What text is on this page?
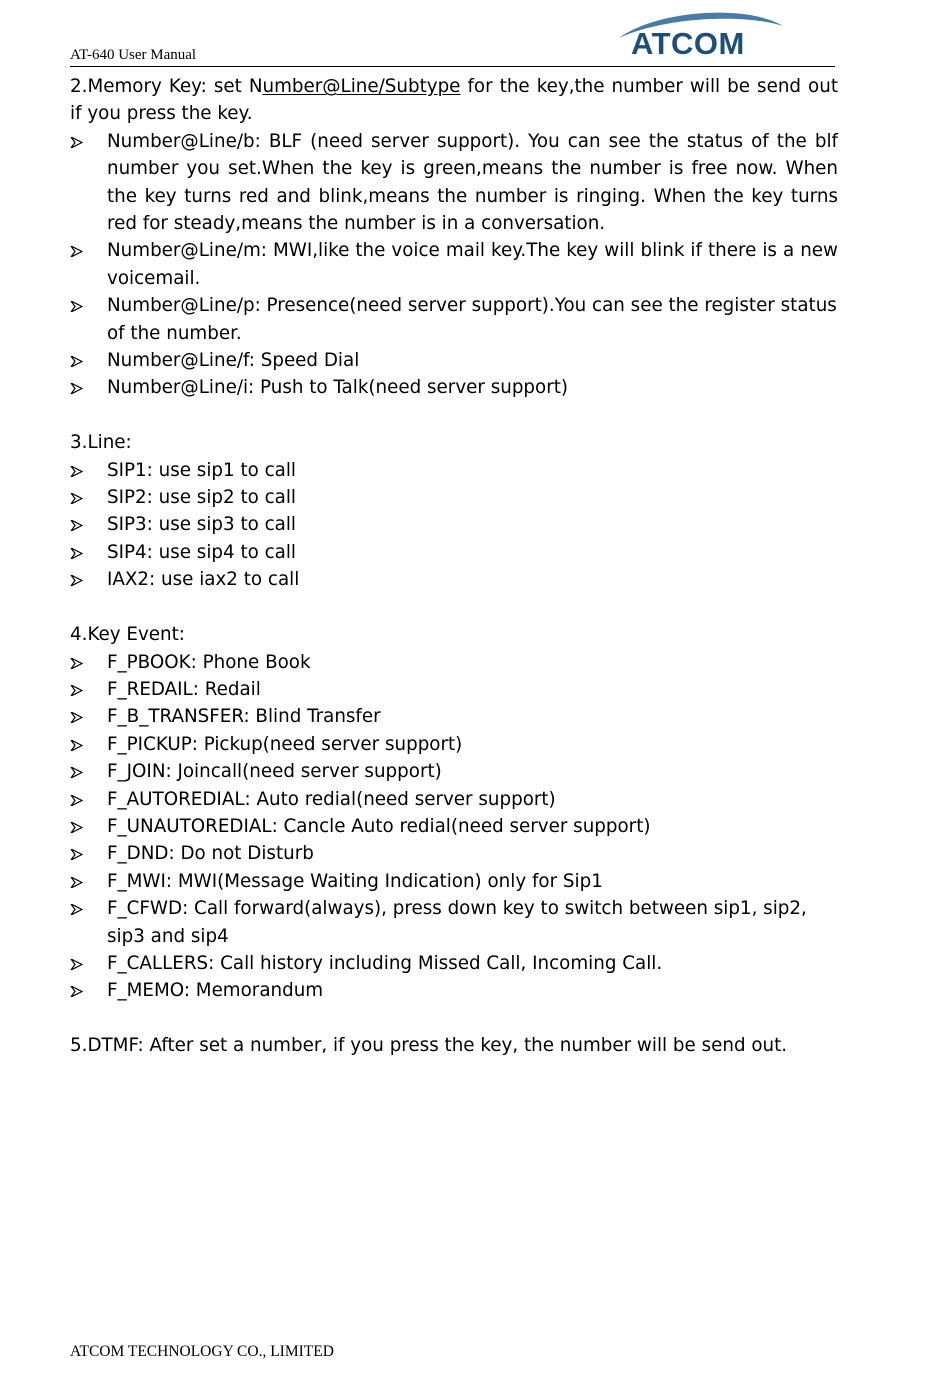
AT-640 User Manual	ATCOM

2.Memory Key: set Number@Line/Subtype for the key,the number will be send out if you press the key.

Number@Line/b: BLF (need server support). You can see the status of the blf number you set.When the key is green,means the number is free now. When the key turns red and blink,means the number is ringing. When the key turns red for steady,means the number is in a conversation.
Number@Line/m: MWI,like the voice mail key.The key will blink if there is a new voicemail.
Number@Line/p: Presence(need server support).You can see the register status of the number.
Number@Line/f: Speed Dial
Number@Line/i: Push to Talk(need server support)

3.Line:

SIP1: use sip1 to call
SIP2: use sip2 to call
SIP3: use sip3 to call
SIP4: use sip4 to call
IAX2: use iax2 to call

4.Key Event:

F_PBOOK: Phone Book
F_REDAIL: Redail
F_B_TRANSFER: Blind Transfer
F_PICKUP: Pickup(need server support)
F_JOIN: Joincall(need server support)
F_AUTOREDIAL: Auto redial(need server support)
F_UNAUTOREDIAL: Cancle Auto redial(need server support)
F_DND: Do not Disturb
F_MWI: MWI(Message Waiting Indication) only for Sip1
F_CFWD: Call forward(always), press down key to switch between sip1, sip2, sip3 and sip4
F_CALLERS: Call history including Missed Call, Incoming Call.
F_MEMO: Memorandum

5.DTMF: After set a number, if you press the key, the number will be send out.

ATCOM TECHNOLOGY CO., LIMITED
